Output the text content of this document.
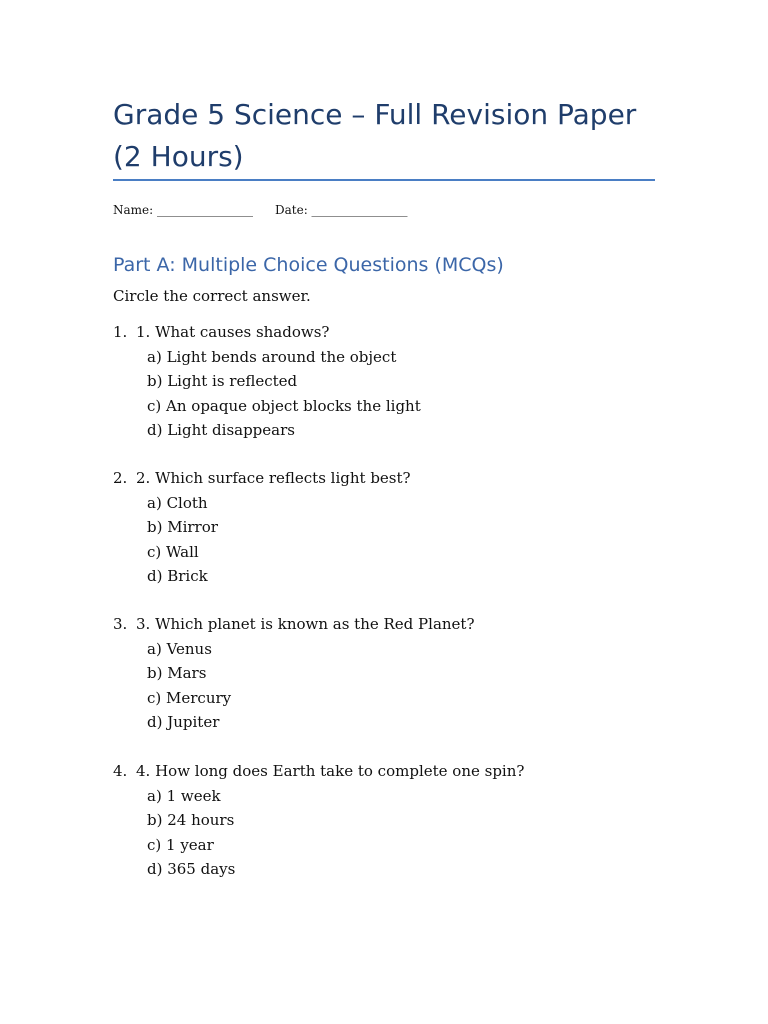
Grade 5 Science – Full Revision Paper (2 Hours)
Name: ________________ Date: ________________
Part A: Multiple Choice Questions (MCQs)
Circle the correct answer.
1. 1. What causes shadows?
a) Light bends around the object
b) Light is reflected
c) An opaque object blocks the light
d) Light disappears
2. 2. Which surface reflects light best?
a) Cloth
b) Mirror
c) Wall
d) Brick
3. 3. Which planet is known as the Red Planet?
a) Venus
b) Mars
c) Mercury
d) Jupiter
4. 4. How long does Earth take to complete one spin?
a) 1 week
b) 24 hours
c) 1 year
d) 365 days
